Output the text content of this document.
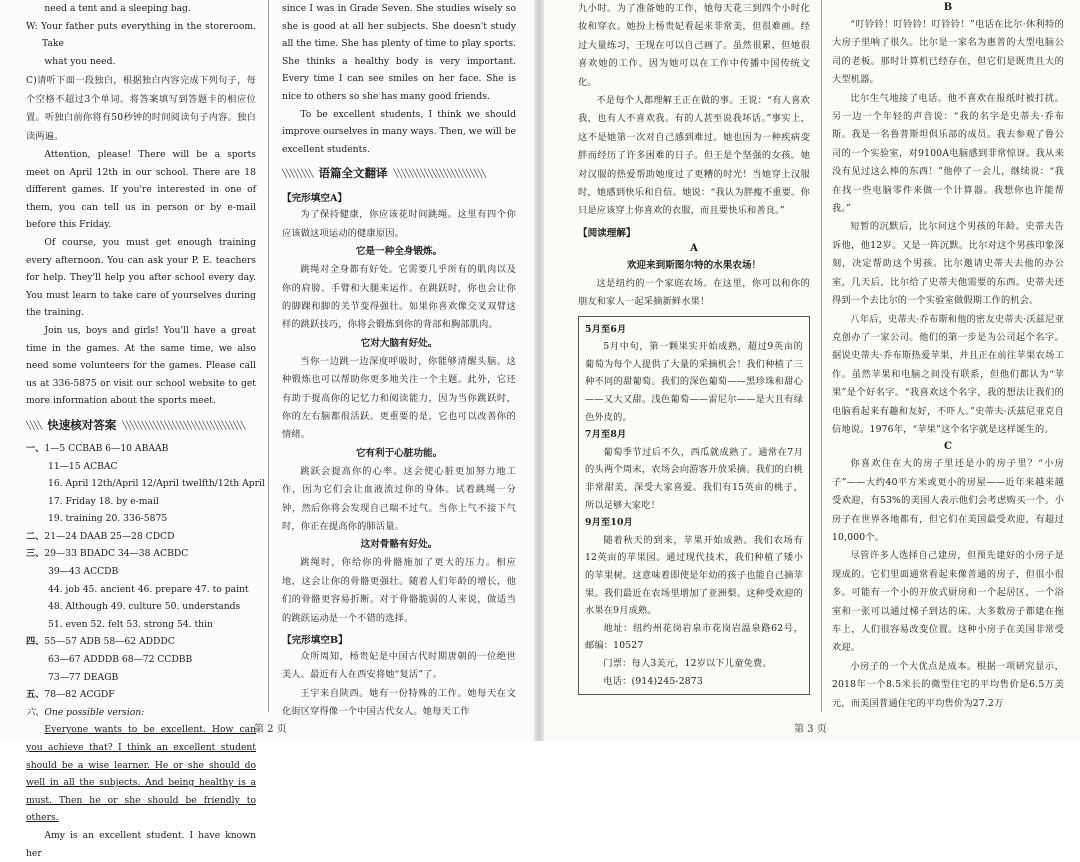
need a tent and a sleeping bag.
W: Your father puts everything in the storeroom. Take
what you need.
C)请听下面一段独白，根据独白内容完成下列句子，每个空格不超过3个单词。将答案填写到答题卡的相应位置。听独白前你将有50秒钟的时间阅读句子内容。独白读两遍。
Attention, please! There will be a sports meet on April 12th in our school. There are 18 different games. If you're interested in one of them, you can tell us in person or by e-mail before this Friday.
Of course, you must get enough training every afternoon. You can ask your P. E. teachers for help. They'll help you after school every day. You must learn to take care of yourselves during the training.
Join us, boys and girls! You'll have a great time in the games. At the same time, we also need some volunteers for the games. Please call us at 336-5875 or visit our school website to get more information about the sports meet.
╲╲╲╲ 快速核对答案 ╲╲╲╲╲╲╲╲╲╲╲╲╲╲╲╲╲╲╲╲╲╲╲╲╲╲╲╲╲╲╲╲
一、1—5 CCBAB 6—10 ABAAB
11—15 ACBAC
16. April 12th/April 12/April twelfth/12th April
17. Friday 18. by e-mail
19. training 20. 336-5875
二、21—24 DAAB 25—28 CDCD
三、29—33 BDADC 34—38 ACBDC
39—43 ACCDB
44. job 45. ancient 46. prepare 47. to paint
48. Although 49. culture 50. understands
51. even 52. felt 53. strong 54. thin
四、55—57 ADB 58—62 ADDDC
63—67 ADDDB 68—72 CCDBB
73—77 DEAGB
五、78—82 ACGDF
六、One possible version:
Everyone wants to be excellent. How can you achieve that? I think an excellent student should be a wise learner. He or she should do well in all the subjects. And being healthy is a must. Then he or she should be friendly to others.
Amy is an excellent student. I have known her
since I was in Grade Seven. She studies wisely so she is good at all her subjects. She doesn't study all the time. She has plenty of time to play sports. She thinks a healthy body is very important. Every time I can see smiles on her face. She is nice to others so she has many good friends.
To be excellent students, I think we should improve ourselves in many ways. Then, we will be excellent students.
╲╲╲╲╲╲╲╲ 语篇全文翻译 ╲╲╲╲╲╲╲╲╲╲╲╲╲╲╲╲╲╲╲╲╲╲╲╲
【完形填空A】
为了保持健康，你应该花时间跳绳。这里有四个你应该做这项运动的健康原因。
它是一种全身锻炼。
跳绳对全身都有好处。它需要几乎所有的肌肉以及你的肩膀、手臂和大腿来运作。在跳跃时，你也会让你的脚踝和脚的关节变得强壮。如果你喜欢像交叉双臂这样的跳跃技巧，你将会锻炼到你的背部和胸部肌肉。
它对大脑有好处。
当你一边跳一边深度呼吸时，你能够清醒头脑。这种锻炼也可以帮助你更多地关注一个主题。此外，它还有助于提高你的记忆力和阅读能力，因为当你跳跃时，你的左右脑都很活跃。更重要的是，它也可以改善你的情绪。
它有利于心脏功能。
跳跃会提高你的心率。这会使心脏更加努力地工作，因为它们会让血液流过你的身体。试着跳绳一分钟，然后你将会发现自己喘不过气。当你上气不接下气时，你正在提高你的肺活量。
这对骨骼有好处。
跳绳时，你给你的骨骼施加了更大的压力。相应地，这会让你的骨骼更强壮。随着人们年龄的增长，他们的骨骼更容易折断。对于骨骼脆弱的人来说，做适当的跳跃运动是一个不错的选择。
【完形填空B】
众所周知，杨贵妃是中国古代时期唐朝的一位绝世美人。最近有人在西安将她“复活”了。
王宇来自陕西。她有一份特殊的工作。她每天在文化街区穿得像一个中国古代女人。她每天工作
第 2 页
九小时。为了准备她的工作，她每天花三到四个小时化妆和穿衣。她扮上杨贵妃看起来非常美，但很难画。经过大量练习，王现在可以自己画了。虽然很累，但她很喜欢她的工作。因为她可以在工作中传播中国传统文化。
不是每个人都理解王正在做的事。王说：“有人喜欢我，也有人不喜欢我。有的人甚至说我坏话。”事实上，这不是她第一次对自己感到难过。她也因为一种疾病变胖而经历了许多困难的日子。但王是个坚强的女孩。她对汉服的热爱帮助她度过了更糟的时光！当她穿上汉服时，她感到快乐和自信。她说：“我认为胖瘦不重要。你只是应该穿上你喜欢的衣服，而且要快乐和善良。”
【阅读理解】
A
欢迎来到斯图尔特的水果农场！
这是纽约的一个家庭农场。在这里，你可以和你的朋友和家人一起采摘新鲜水果！
5月至6月
5月中旬，第一颗果实开始成熟，超过9英亩的葡萄为每个人提供了大量的采摘机会！我们种植了三种不同的甜葡萄。我们的深色葡萄——黑珍珠和甜心——又大又甜。浅色葡萄——雷尼尔——是大且有绿色外皮的。
7月至8月
葡萄季节过后不久，西瓜就成熟了。通常在7月的头两个周末，农场会向游客开放采摘。我们的白桃非常甜美，深受大家喜爱。我们有15英亩的桃子，所以足够大家吃！
9月至10月
随着秋天的到来，苹果开始成熟。我们农场有12英亩的苹果园。通过现代技术，我们种植了矮小的苹果树。这意味着即使是年幼的孩子也能自己摘苹果。我们最近在农场里增加了亚洲梨。这种受欢迎的水果在9月成熟。
地址：纽约州花岗岩泉市花岗岩温泉路62号，邮编：10527
门票：每人3美元，12岁以下儿童免费。
电话：(914)245-2873
B
“叮铃铃！叮铃铃！叮铃铃！”电话在比尔·休利特的大房子里响了很久。比尔是一家名为惠普的大型电脑公司的老板。那时计算机已经存在，但它们是既贵且大的大型机器。
比尔生气地接了电话。他不喜欢在报纸时被打扰。另一边一个年轻的声音说：“我的名字是史蒂夫·乔布斯。我是一名鲁普斯坦俱乐部的成员。我去参观了鲁公司的一个实验室，对9100A电脑感到非常惊讶。我从来没有见过这么棒的东西！”他停了一会儿，继续说：“我在找一些电脑零件来做一个计算器。我想你也许能帮我。”
短暂的沉默后，比尔问这个男孩的年龄。史蒂夫告诉他，他12岁。又是一阵沉默。比尔对这个男孩印象深刻，决定帮助这个男孩。比尔邀请史蒂夫去他的办公室，几天后，比尔给了史蒂夫他需要的东西。史蒂夫还得到一个去比尔的一个实验室做假期工作的机会。
八年后，史蒂夫·乔布斯和他的密友史蒂夫·沃兹尼亚克创办了一家公司。他们的第一步是为公司起个名字。据说史蒂夫·乔布斯热爱苹果，并且正在前往苹果农场工作。虽然苹果和电脑之间没有联系，但他们都认为“苹果”是个好名字。“我喜欢这个名字，我的想法让我们的电脑看起来有趣和友好，不吓人。”史蒂夫·沃兹尼亚克自信地说。1976年，“苹果”这个名字就是这样诞生的。
C
你喜欢住在大的房子里还是小的房子里？“小房子”——大约40平方米或更小的房屋——近年来越来越受欢迎，有53%的美国人表示他们会考虑购买一个。小房子在世界各地都有，但它们在美国最受欢迎，有超过10,000个。
尽管许多人选择自己建房，但预先建好的小房子是现成的。它们里面通常看起来像普通的房子，但很小很多。可能有一个小的开放式厨房和一个起居区，一个浴室和一张可以通过梯子到达的床。大多数房子都建在拖车上，人们很容易改变位置。这种小房子在美国非常受欢迎。
小房子的一个大优点是成本。根据一项研究显示，2018年一个8.5米长的微型住宅的平均售价是6.5万美元，而美国普通住宅的平均售价为27.2万
第 3 页
